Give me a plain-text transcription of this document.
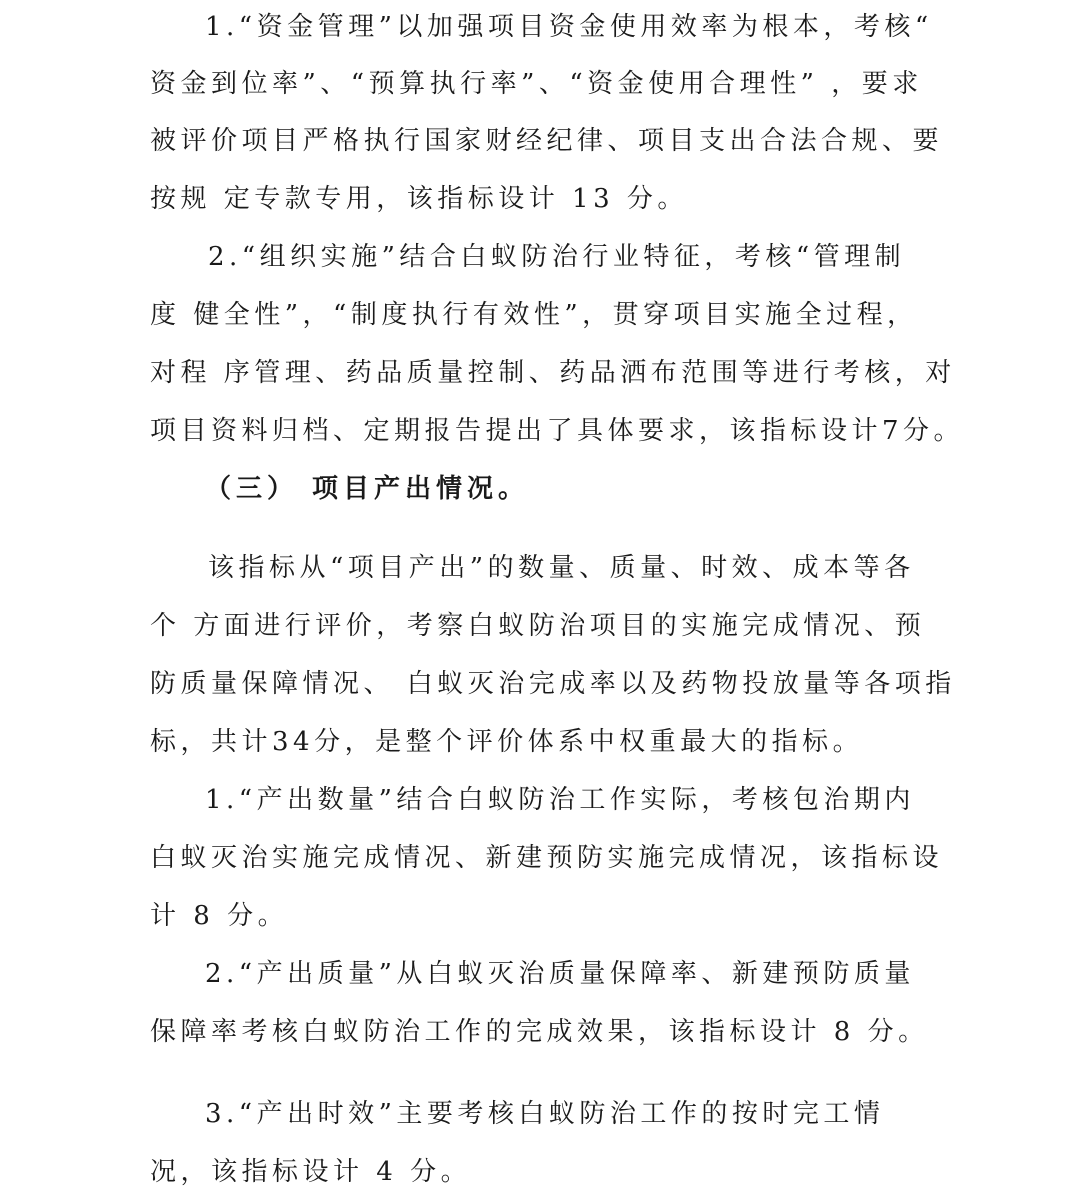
1.“资金管理”以加强项目资金使用效率为根本，考核“
资金到位率”、“预算执行率”、“资金使用合理性” ，要求
被评价项目严格执行国家财经纪律、项目支出合法合规、要
按规 定专款专用，该指标设计 13 分。
2.“组织实施”结合白蚁防治行业特征，考核“管理制
度 健全性”，“制度执行有效性”，贯穿项目实施全过程，
对程 序管理、药品质量控制、药品洒布范围等进行考核，对
项目资料归档、定期报告提出了具体要求，该指标设计7分。
（三） 项目产出情况。
该指标从“项目产出”的数量、质量、时效、成本等各
个 方面进行评价，考察白蚁防治项目的实施完成情况、预
防质量保障情况、 白蚁灭治完成率以及药物投放量等各项指
标，共计34分，是整个评价体系中权重最大的指标。
1.“产出数量”结合白蚁防治工作实际，考核包治期内
白蚁灭治实施完成情况、新建预防实施完成情况，该指标设
计 8 分。
2.“产出质量”从白蚁灭治质量保障率、新建预防质量
保障率考核白蚁防治工作的完成效果，该指标设计 8 分。
3.“产出时效”主要考核白蚁防治工作的按时完工情
况，该指标设计 4 分。
